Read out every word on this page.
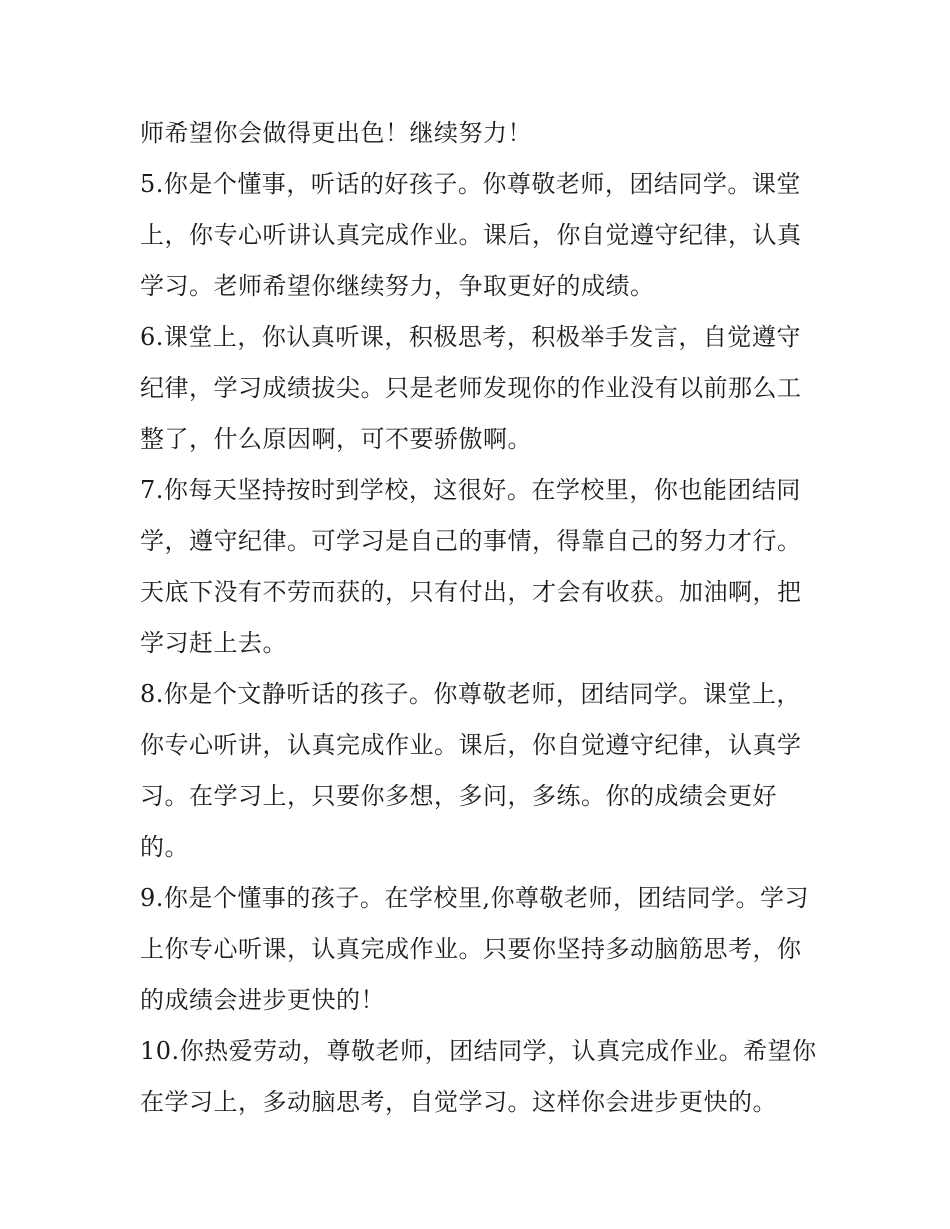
师希望你会做得更出色！继续努力！

5.你是个懂事，听话的好孩子。你尊敬老师，团结同学。课堂上，你专心听讲认真完成作业。课后，你自觉遵守纪律，认真学习。老师希望你继续努力，争取更好的成绩。

6.课堂上，你认真听课，积极思考，积极举手发言，自觉遵守纪律，学习成绩拔尖。只是老师发现你的作业没有以前那么工整了，什么原因啊，可不要骄傲啊。

7.你每天坚持按时到学校，这很好。在学校里，你也能团结同学，遵守纪律。可学习是自己的事情，得靠自己的努力才行。天底下没有不劳而获的，只有付出，才会有收获。加油啊，把学习赶上去。

8.你是个文静听话的孩子。你尊敬老师，团结同学。课堂上，你专心听讲，认真完成作业。课后，你自觉遵守纪律，认真学习。在学习上，只要你多想，多问，多练。你的成绩会更好的。

9.你是个懂事的孩子。在学校里,你尊敬老师，团结同学。学习上你专心听课，认真完成作业。只要你坚持多动脑筋思考，你的成绩会进步更快的！

10.你热爱劳动，尊敬老师，团结同学，认真完成作业。希望你在学习上，多动脑思考，自觉学习。这样你会进步更快的。
